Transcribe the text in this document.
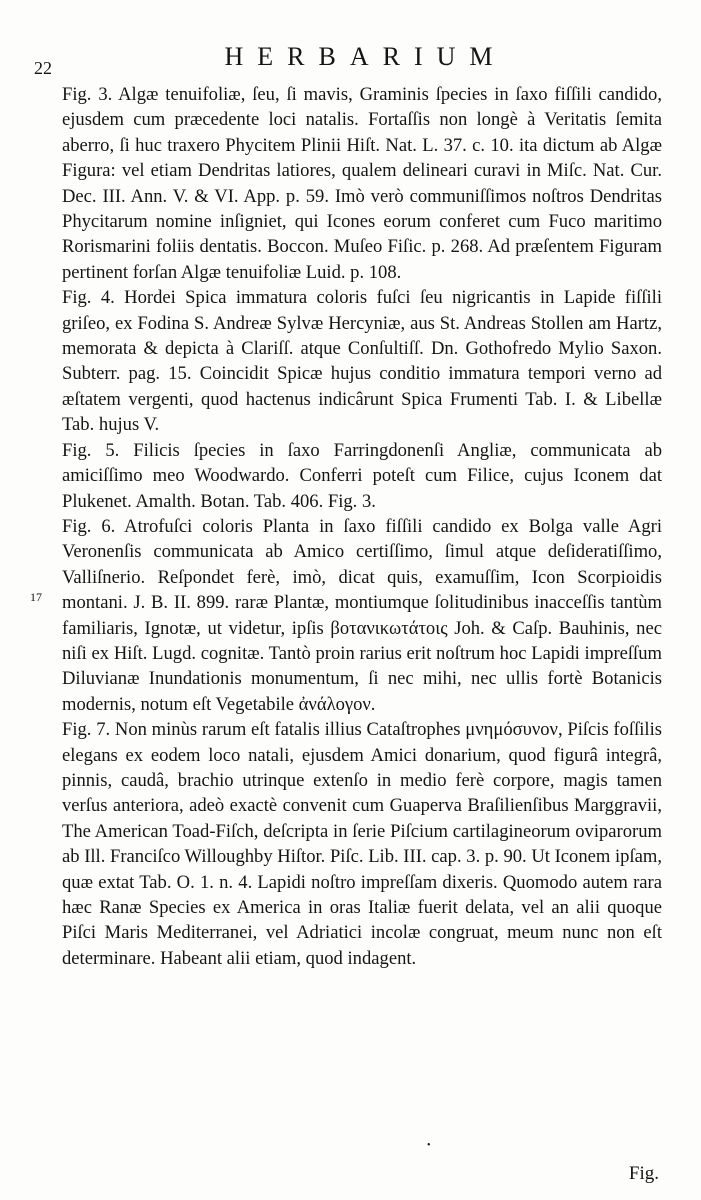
22	HERBARIUM
17

Fig. 3. Algæ tenuifoliæ, ſeu, ſi mavis, Graminis ſpecies in ſaxo fiſſili candido, ejusdem cum præcedente loci natalis. Fortaſſis non longè à Veritatis ſemita aberro, ſi huc traxero Phycitem Plinii Hiſt. Nat. L. 37. c. 10. ita dictum ab Algæ Figura: vel etiam Dendritas latiores, qualem delineari curavi in Miſc. Nat. Cur. Dec. III. Ann. V. & VI. App. p. 59. Imò verò communiſſimos noſtros Dendritas Phycitarum nomine inſigniet, qui Icones eorum conferet cum Fuco maritimo Rorismarini foliis dentatis. Boccon. Muſeo Fiſic. p. 268. Ad præſentem Figuram pertinent forſan Algæ tenuifoliæ Luid. p. 108.

Fig. 4. Hordei Spica immatura coloris fuſci ſeu nigricantis in Lapide fiſſili griſeo, ex Fodina S. Andreæ Sylvæ Hercyniæ, aus St. Andreas Stollen am Hartz, memorata & depicta à Clariſſ. atque Conſultiſſ. Dn. Gothofredo Mylio Saxon. Subterr. pag. 15. Coincidit Spicæ hujus conditio immatura tempori verno ad æſtatem vergenti, quod hactenus indicârunt Spica Frumenti Tab. I. & Libellæ Tab. hujus V.

Fig. 5. Filicis ſpecies in ſaxo Farringdonenſi Angliæ, communicata ab amiciſſimo meo Woodwardo. Conferri poteſt cum Filice, cujus Iconem dat Plukenet. Amalth. Botan. Tab. 406. Fig. 3.

Fig. 6. Atrofuſci coloris Planta in ſaxo fiſſili candido ex Bolga valle Agri Veronenſis communicata ab Amico certiſſimo, ſimul atque deſideratiſſimo, Valliſnerio. Reſpondet ferè, imò, dicat quis, examuſſim, Icon Scorpioidis montani. J. B. II. 899. raræ Plantæ, montiumque ſolitudinibus inacceſſis tantùm familiaris, Ignotæ, ut videtur, ipſis βοτανικωτάτοις Joh. & Caſp. Bauhinis, nec niſi ex Hiſt. Lugd. cognitæ. Tantò proin rarius erit noſtrum hoc Lapidi impreſſum Diluvianæ Inundationis monumentum, ſi nec mihi, nec ullis fortè Botanicis modernis, notum eſt Vegetabile ἀνάλογον.

Fig. 7. Non minùs rarum eſt fatalis illius Cataſtrophes μνημόσυνον, Piſcis foſſilis elegans ex eodem loco natali, ejusdem Amici donarium, quod figurâ integrâ, pinnis, caudâ, brachio utrinque extenſo in medio ferè corpore, magis tamen verſus anteriora, adeò exactè convenit cum Guaperva Braſilienſibus Marggravii, The American Toad-Fiſch, deſcripta in ſerie Piſcium cartilagineorum oviparorum ab Ill. Franciſco Willoughby Hiſtor. Piſc. Lib. III. cap. 3. p. 90. Ut Iconem ipſam, quæ extat Tab. O. 1. n. 4. Lapidi noſtro impreſſam dixeris. Quomodo autem rara hæc Ranæ Species ex America in oras Italiæ fuerit delata, vel an alii quoque Piſci Maris Mediterranei, vel Adriatici incolæ congruat, meum nunc non eſt determinare. Habeant alii etiam, quod indagent.

•
Fig.
